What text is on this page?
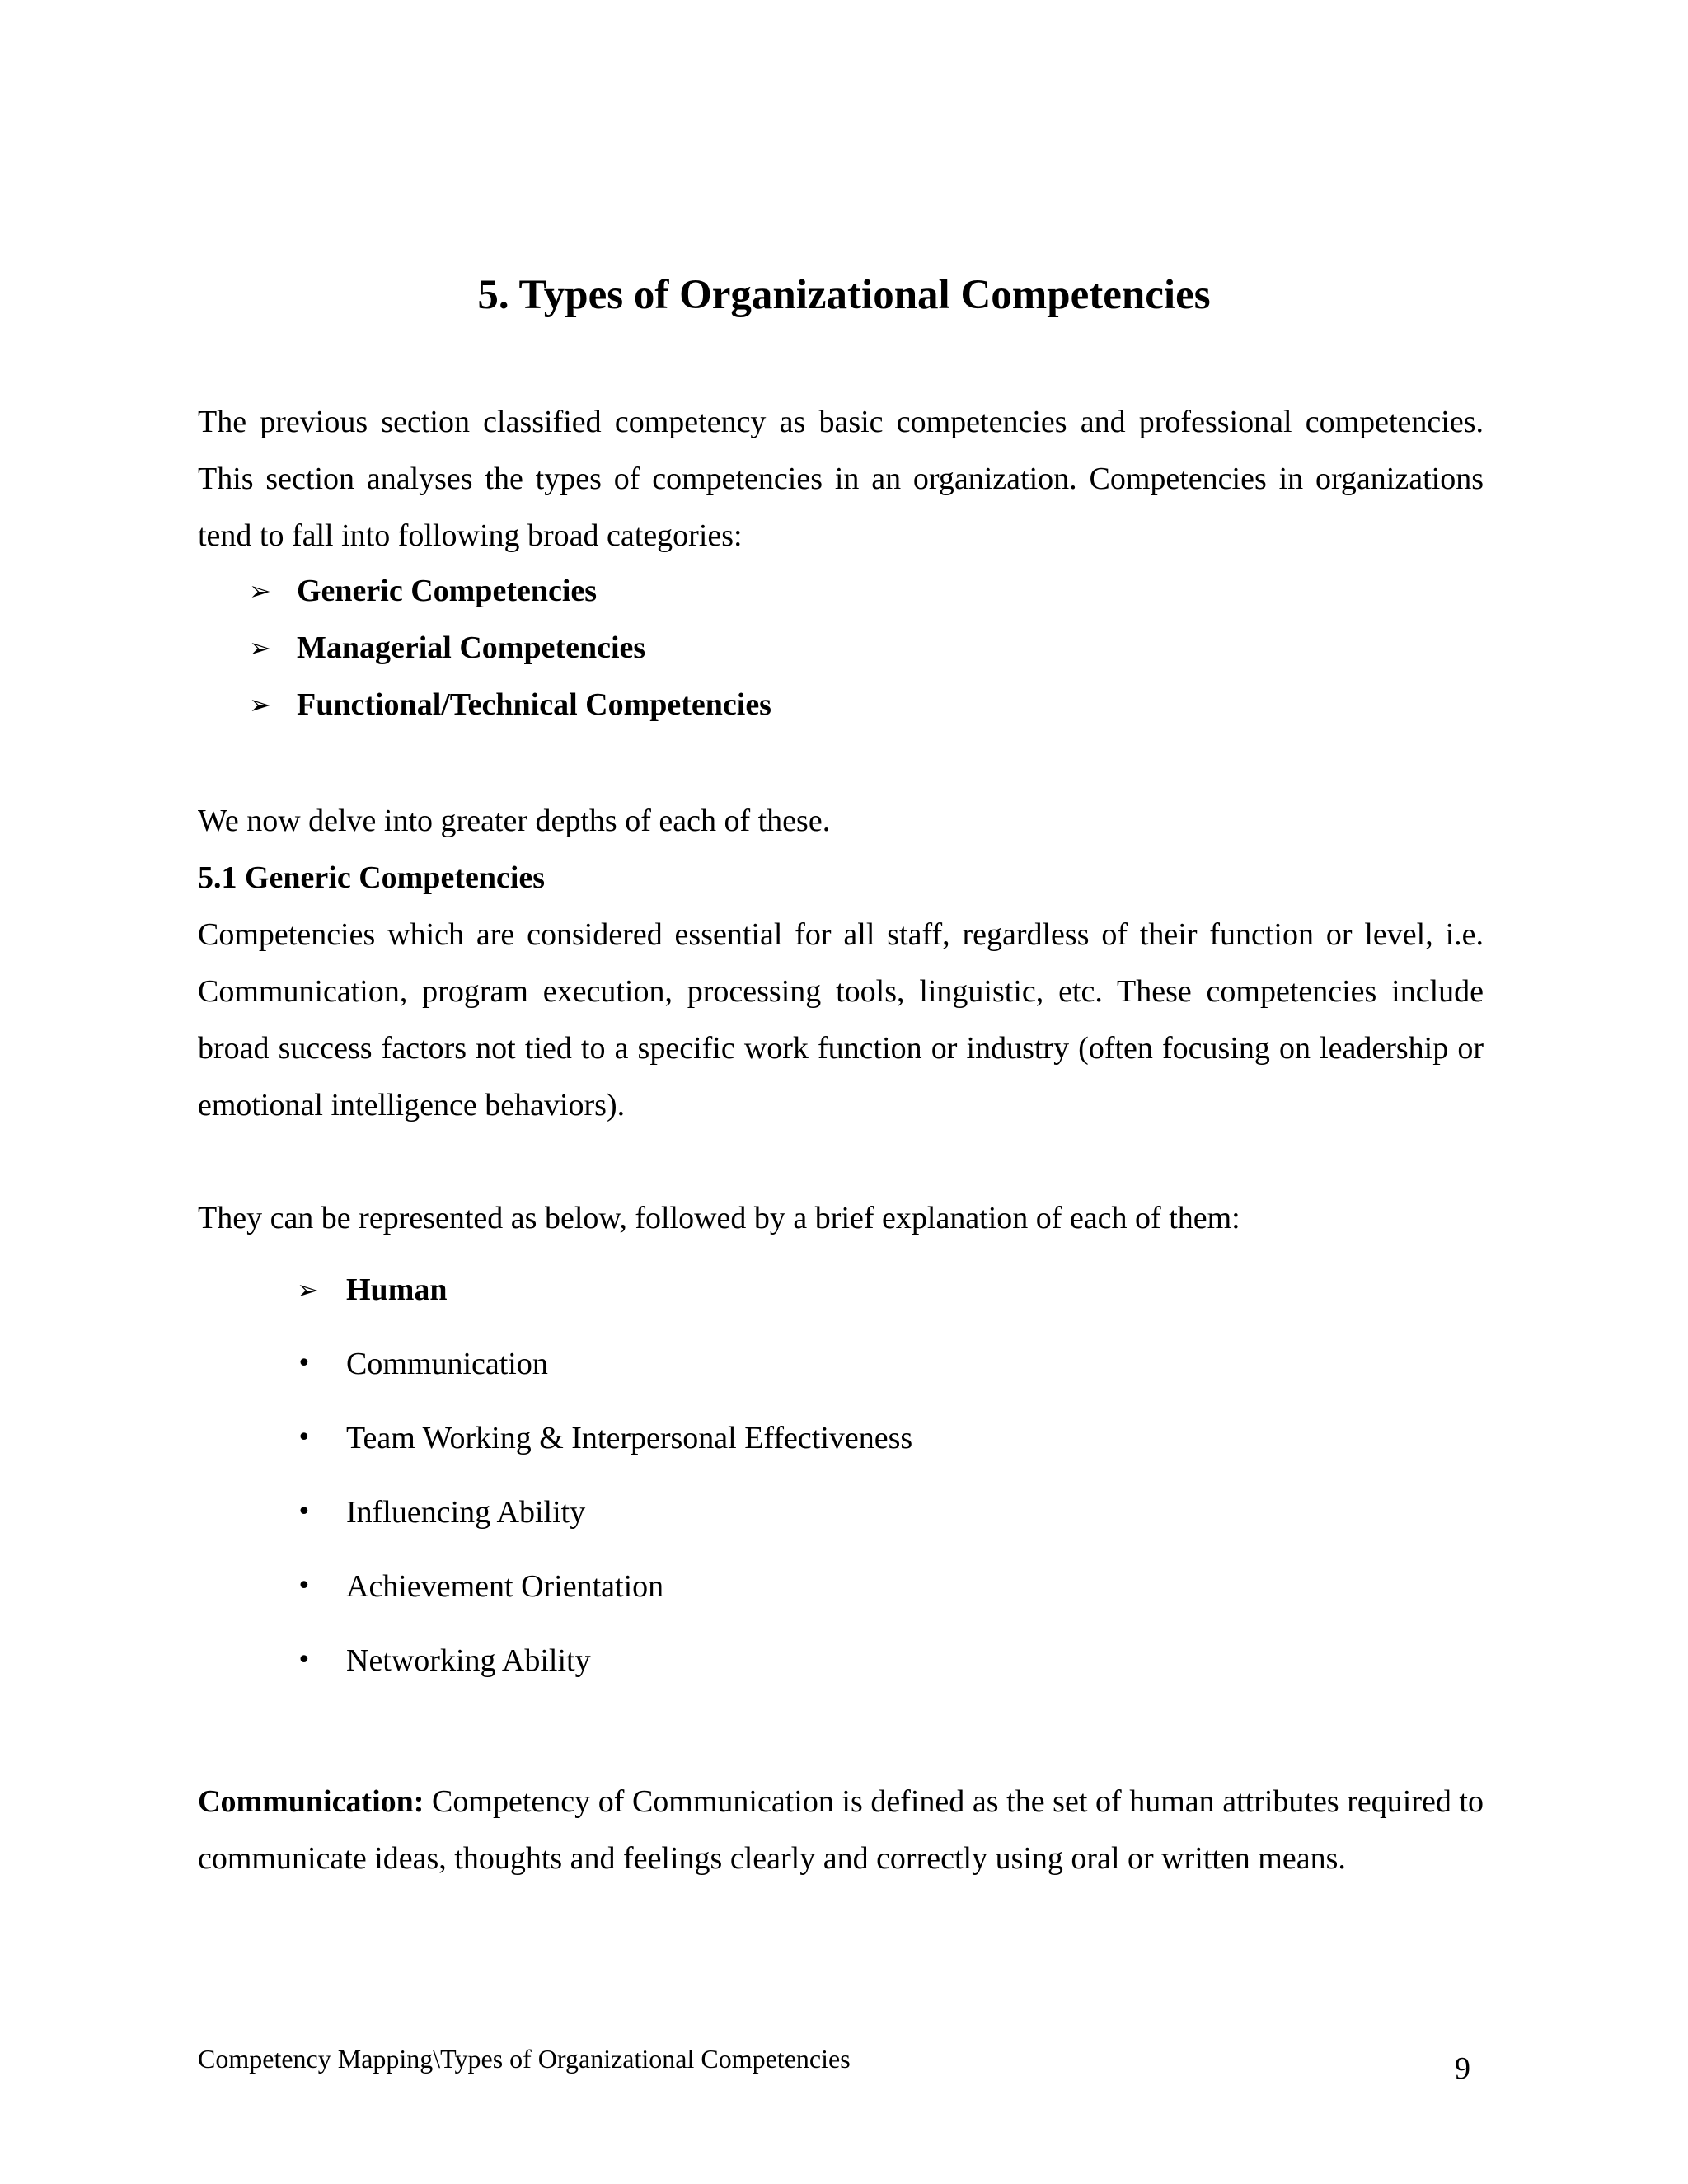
5. Types of Organizational Competencies

The previous section classified competency as basic competencies and professional competencies. This section analyses the types of competencies in an organization. Competencies in organizations tend to fall into following broad categories:

➢ Generic Competencies
➢ Managerial Competencies
➢ Functional/Technical Competencies

We now delve into greater depths of each of these.

5.1 Generic Competencies

Competencies which are considered essential for all staff, regardless of their function or level, i.e. Communication, program execution, processing tools, linguistic, etc. These competencies include broad success factors not tied to a specific work function or industry (often focusing on leadership or emotional intelligence behaviors).

They can be represented as below, followed by a brief explanation of each of them:

➢ Human
• Communication
• Team Working & Interpersonal Effectiveness
• Influencing Ability
• Achievement Orientation
• Networking Ability

Communication: Competency of Communication is defined as the set of human attributes required to communicate ideas, thoughts and feelings clearly and correctly using oral or written means.

Competency Mapping\Types of Organizational Competencies	9
